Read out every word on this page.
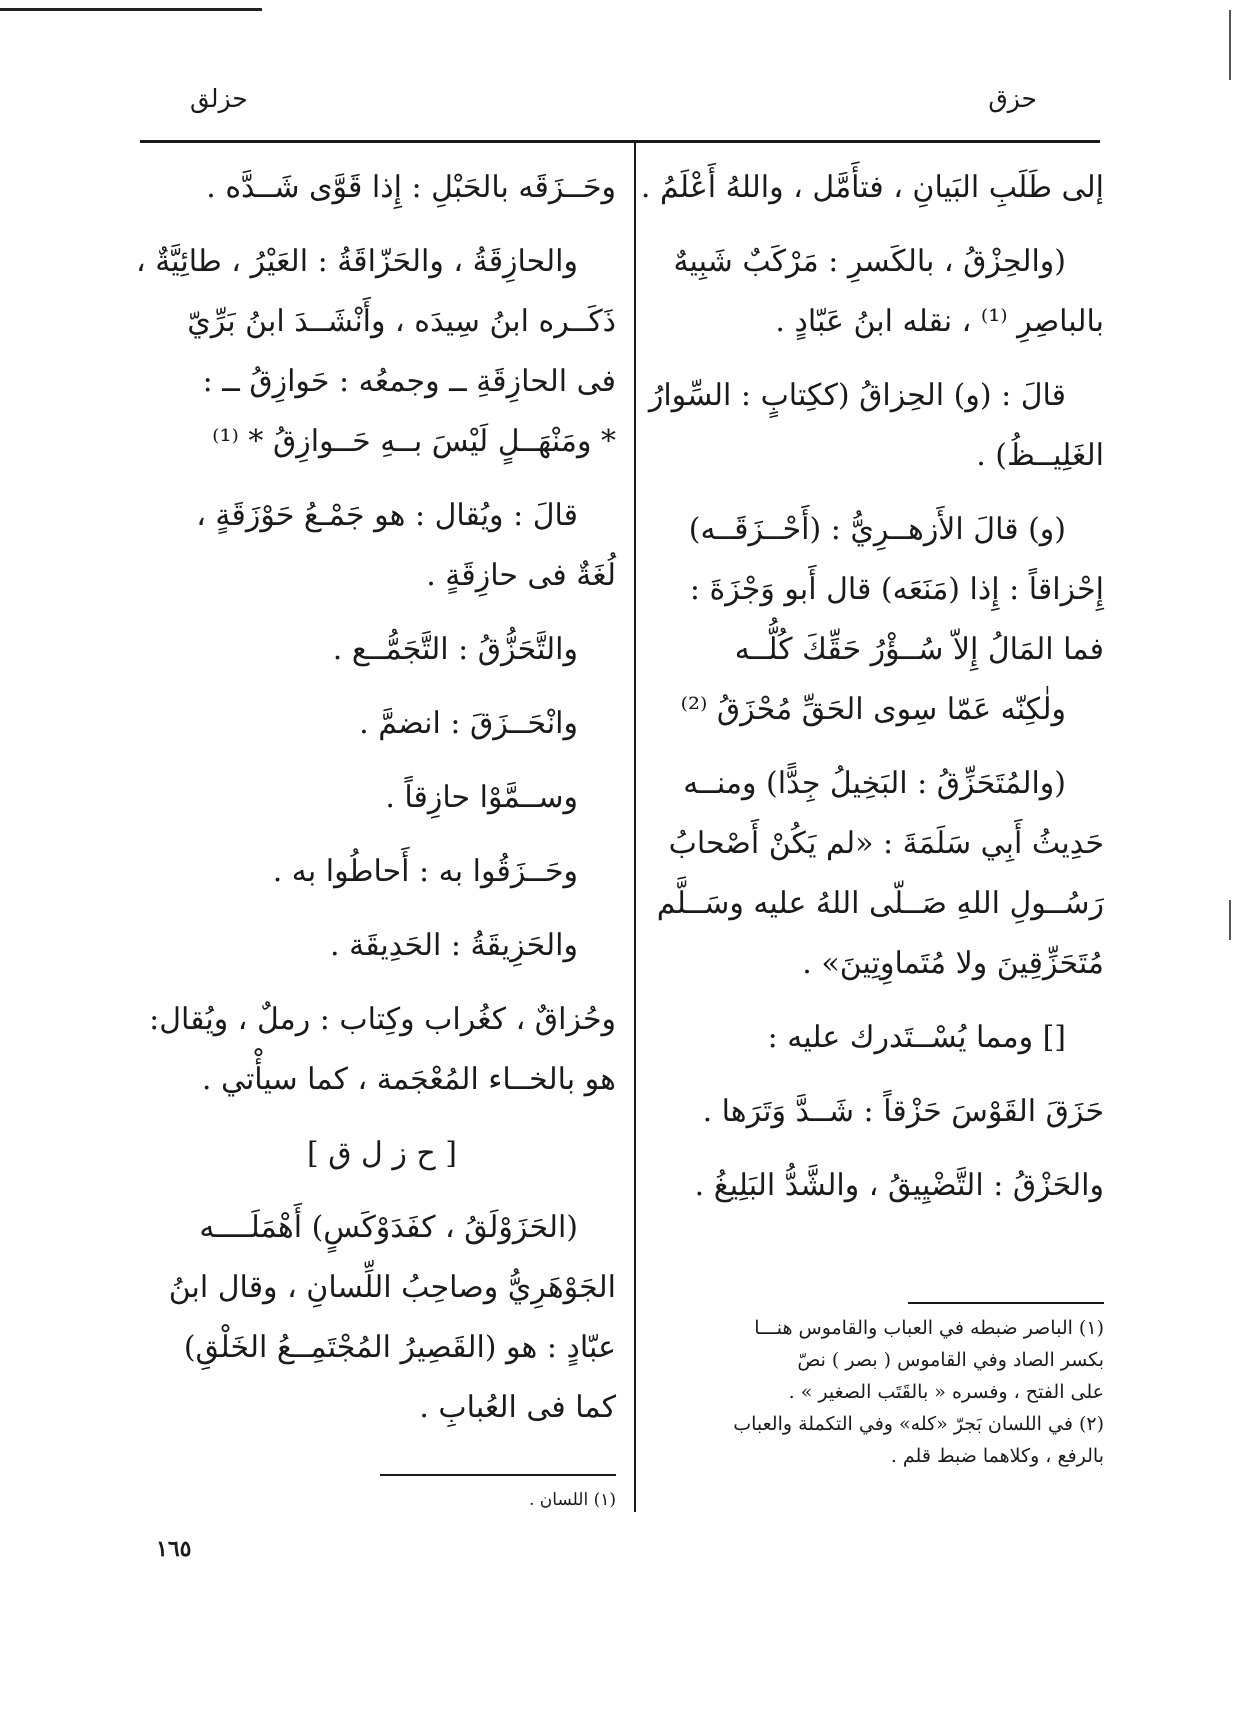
حزق
حزلق
إلى طَلَبِ البَيانِ ، فتأَمَّل ، واللهُ أَعْلَمُ .
(والحِزْقُ ، بالكَسرِ : مَرْكَبٌ شَبِيهٌ
بالباصِرِ ⁽¹⁾ ، نقله ابنُ عَبّادٍ .
قالَ : (و) الحِزاقُ (ككِتابٍ : السِّوارُ
الغَلِيــظُ) .
(و) قالَ الأَزهــرِيُّ : (أَحْــزَقَــه)
إِحْزاقاً : إِذا (مَنَعَه) قال أَبو وَجْزَةَ :
فما المَالُ إِلاّ سُــؤْرُ حَقِّكَ كُلُّــه
ولٰكِنّه عَمّا سِوى الحَقِّ مُحْزَقُ ⁽²⁾
(والمُتَحَزِّقُ : البَخِيلُ جِدًّا) ومنــه
حَدِيثُ أَبِي سَلَمَةَ : «لم يَكُنْ أَصْحابُ
رَسُــولِ اللهِ صَــلّى اللهُ عليه وسَــلَّم
مُتَحَزِّقِينَ ولا مُتَماوِتِينَ» .
[] ومما يُسْــتَدرك عليه :
حَزَقَ القَوْسَ حَزْقاً : شَــدَّ وَتَرَها .
والحَزْقُ : التَّضْيِيقُ ، والشَّدُّ البَلِيغُ .
(١) الباصر ضبطه في العباب والقاموس هنـــا
بكسر الصاد وفي القاموس ( بصر ) نصّ
على الفتح ، وفسره « بالقَتَب الصغير » .
(٢) في اللسان بَجرّ «كله» وفي التكملة والعباب
بالرفع ، وكلاهما ضبط قلم .
وحَــزَقَه بالحَبْلِ : إِذا قَوَّى شَــدَّه .
والحازِقَةُ ، والحَزّاقَةُ : العَيْرُ ، طائِيَّةٌ ،
ذَكَــره ابنُ سِيدَه ، وأَنْشَــدَ ابنُ بَرِّيّ
فى الحازِقَةِ ــ وجمعُه : حَوازِقُ ــ :
* ومَنْهَــلٍ لَيْسَ بــهِ حَــوازِقُ * ⁽¹⁾
قالَ : ويُقال : هو جَمْـعُ حَوْزَقَةٍ ،
لُغَةٌ فى حازِقَةٍ .
والتَّحَزُّقُ : التَّجَمُّــع .
وانْحَــزَقَ : انضمَّ .
وســمَّوْا حازِقاً .
وحَــزَقُوا به : أَحاطُوا به .
والحَزِيقَةُ : الحَدِيقَة .
وحُزاقٌ ، كغُراب وكِتاب : رملٌ ، ويُقال:
هو بالخــاء المُعْجَمة ، كما سيأْتي .
[ ح ز ل ق ]
(الحَزَوْلَقُ ، كفَدَوْكَسٍ) أَهْمَلَــــه
الجَوْهَرِيُّ وصاحِبُ اللِّسانِ ، وقال ابنُ
عبّادٍ : هو (القَصِيرُ المُجْتَمِــعُ الخَلْقِ)
كما فى العُبابِ .
(١) اللسان .
١٦٥
